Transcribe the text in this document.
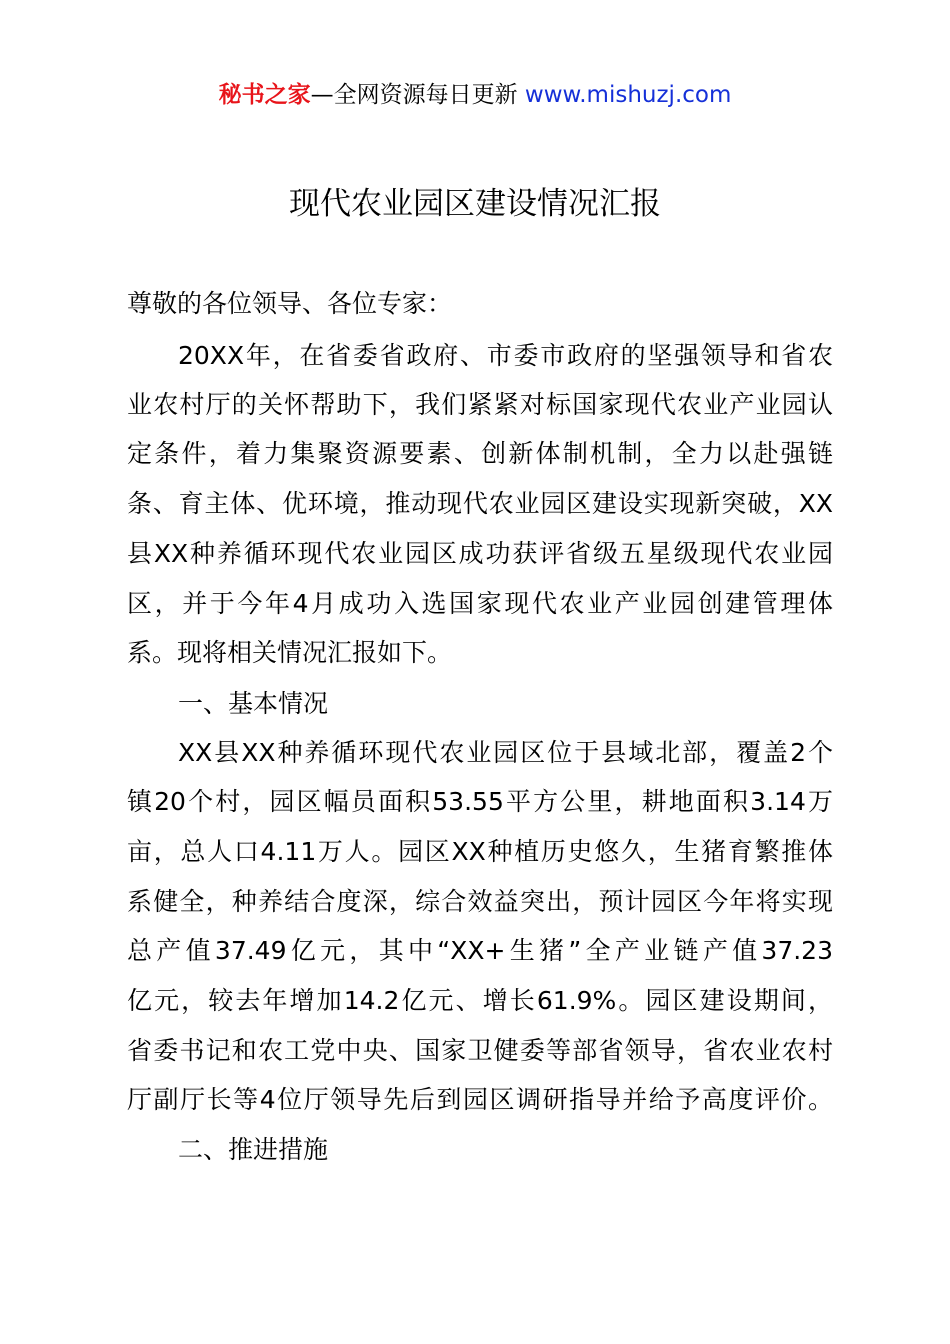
秘书之家—全网资源每日更新 www.mishuzj.com
现代农业园区建设情况汇报
尊敬的各位领导、各位专家：
20XX年，在省委省政府、市委市政府的坚强领导和省农
业农村厅的关怀帮助下，我们紧紧对标国家现代农业产业园认
定条件，着力集聚资源要素、创新体制机制，全力以赴强链
条、育主体、优环境，推动现代农业园区建设实现新突破，XX
县XX种养循环现代农业园区成功获评省级五星级现代农业园
区，并于今年4月成功入选国家现代农业产业园创建管理体
系。现将相关情况汇报如下。
一、基本情况
XX县XX种养循环现代农业园区位于县域北部，覆盖2个
镇20个村，园区幅员面积53.55平方公里，耕地面积3.14万
亩，总人口4.11万人。园区XX种植历史悠久，生猪育繁推体
系健全，种养结合度深，综合效益突出，预计园区今年将实现
总产值37.49亿元，其中“XX+生猪”全产业链产值37.23
亿元，较去年增加14.2亿元、增长61.9%。园区建设期间，
省委书记和农工党中央、国家卫健委等部省领导，省农业农村
厅副厅长等4位厅领导先后到园区调研指导并给予高度评价。
二、推进措施
